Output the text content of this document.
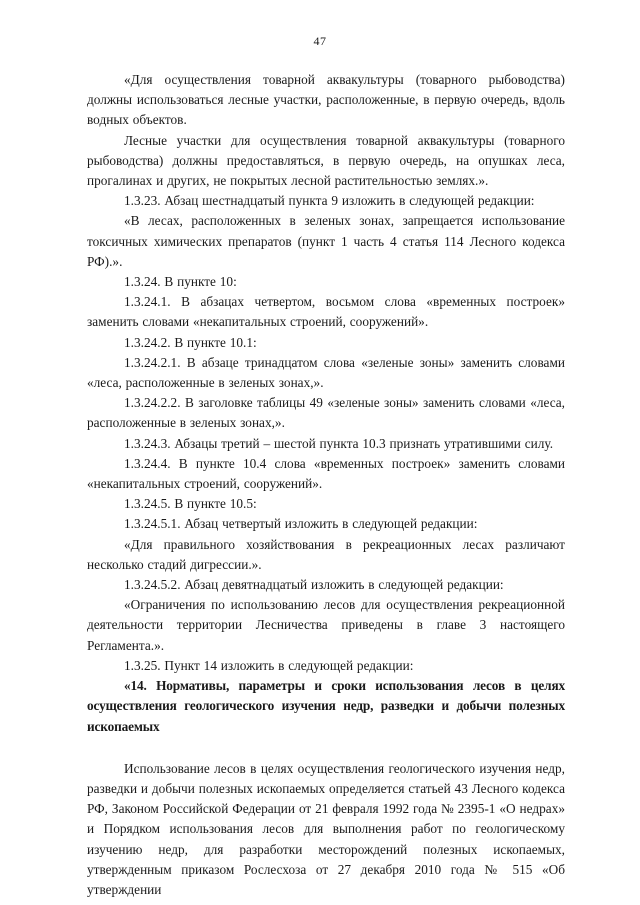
47

«Для осуществления товарной аквакультуры (товарного рыбоводства) должны использоваться лесные участки, расположенные, в первую очередь, вдоль водных объектов.

Лесные участки для осуществления товарной аквакультуры (товарного рыбоводства) должны предоставляться, в первую очередь, на опушках леса, прогалинах и других, не покрытых лесной растительностью землях.».

1.3.23. Абзац шестнадцатый пункта 9 изложить в следующей редакции:

«В лесах, расположенных в зеленых зонах, запрещается использование токсичных химических препаратов (пункт 1 часть 4 статья 114 Лесного кодекса РФ).».

1.3.24. В пункте 10:

1.3.24.1. В абзацах четвертом, восьмом слова «временных построек» заменить словами «некапитальных строений, сооружений».

1.3.24.2. В пункте 10.1:

1.3.24.2.1. В абзаце тринадцатом слова «зеленые зоны» заменить словами «леса, расположенные в зеленых зонах,».

1.3.24.2.2. В заголовке таблицы 49 «зеленые зоны» заменить словами «леса, расположенные в зеленых зонах,».

1.3.24.3. Абзацы третий – шестой пункта 10.3 признать утратившими силу.

1.3.24.4. В пункте 10.4 слова «временных построек» заменить словами «некапитальных строений, сооружений».

1.3.24.5. В пункте 10.5:

1.3.24.5.1. Абзац четвертый изложить в следующей редакции:

«Для правильного хозяйствования в рекреационных лесах различают несколько стадий дигрессии.».

1.3.24.5.2. Абзац девятнадцатый изложить в следующей редакции:

«Ограничения по использованию лесов для осуществления рекреационной деятельности территории Лесничества приведены в главе 3 настоящего Регламента.».

1.3.25. Пункт 14 изложить в следующей редакции:

«14. Нормативы, параметры и сроки использования лесов в целях осуществления геологического изучения недр, разведки и добычи полезных ископаемых

Использование лесов в целях осуществления геологического изучения недр, разведки и добычи полезных ископаемых определяется статьей 43 Лесного кодекса РФ, Законом Российской Федерации от 21 февраля 1992 года № 2395-1 «О недрах» и Порядком использования лесов для выполнения работ по геологическому изучению недр, для разработки месторождений полезных ископаемых, утвержденным приказом Рослесхоза от 27 декабря 2010 года № 515 «Об утверждении
